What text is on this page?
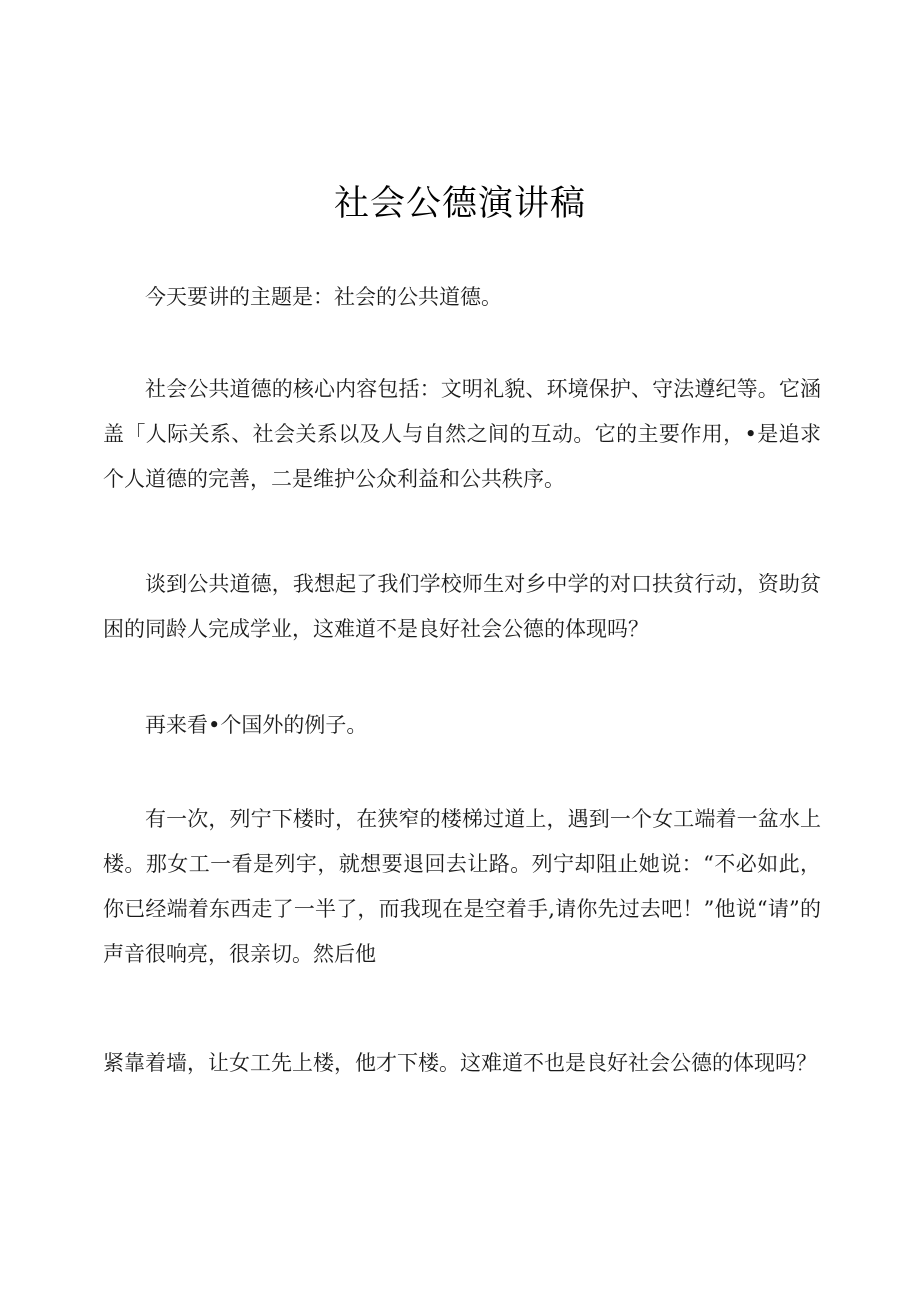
社会公德演讲稿

今天要讲的主题是：社会的公共道德。

社会公共道德的核心内容包括：文明礼貌、环境保护、守法遵纪等。它涵盖「人际关系、社会关系以及人与自然之间的互动。它的主要作用，•是追求个人道德的完善，二是维护公众利益和公共秩序。

谈到公共道德，我想起了我们学校师生对乡中学的对口扶贫行动，资助贫困的同龄人完成学业，这难道不是良好社会公德的体现吗？

再来看•个国外的例子。

有一次，列宁下楼时，在狭窄的楼梯过道上，遇到一个女工端着一盆水上楼。那女工一看是列宇，就想要退回去让路。列宁却阻止她说：“不必如此，你已经端着东西走了一半了，而我现在是空着手,请你先过去吧！”他说“请”的声音很响亮，很亲切。然后他

紧靠着墙，让女工先上楼，他才下楼。这难道不也是良好社会公德的体现吗？
